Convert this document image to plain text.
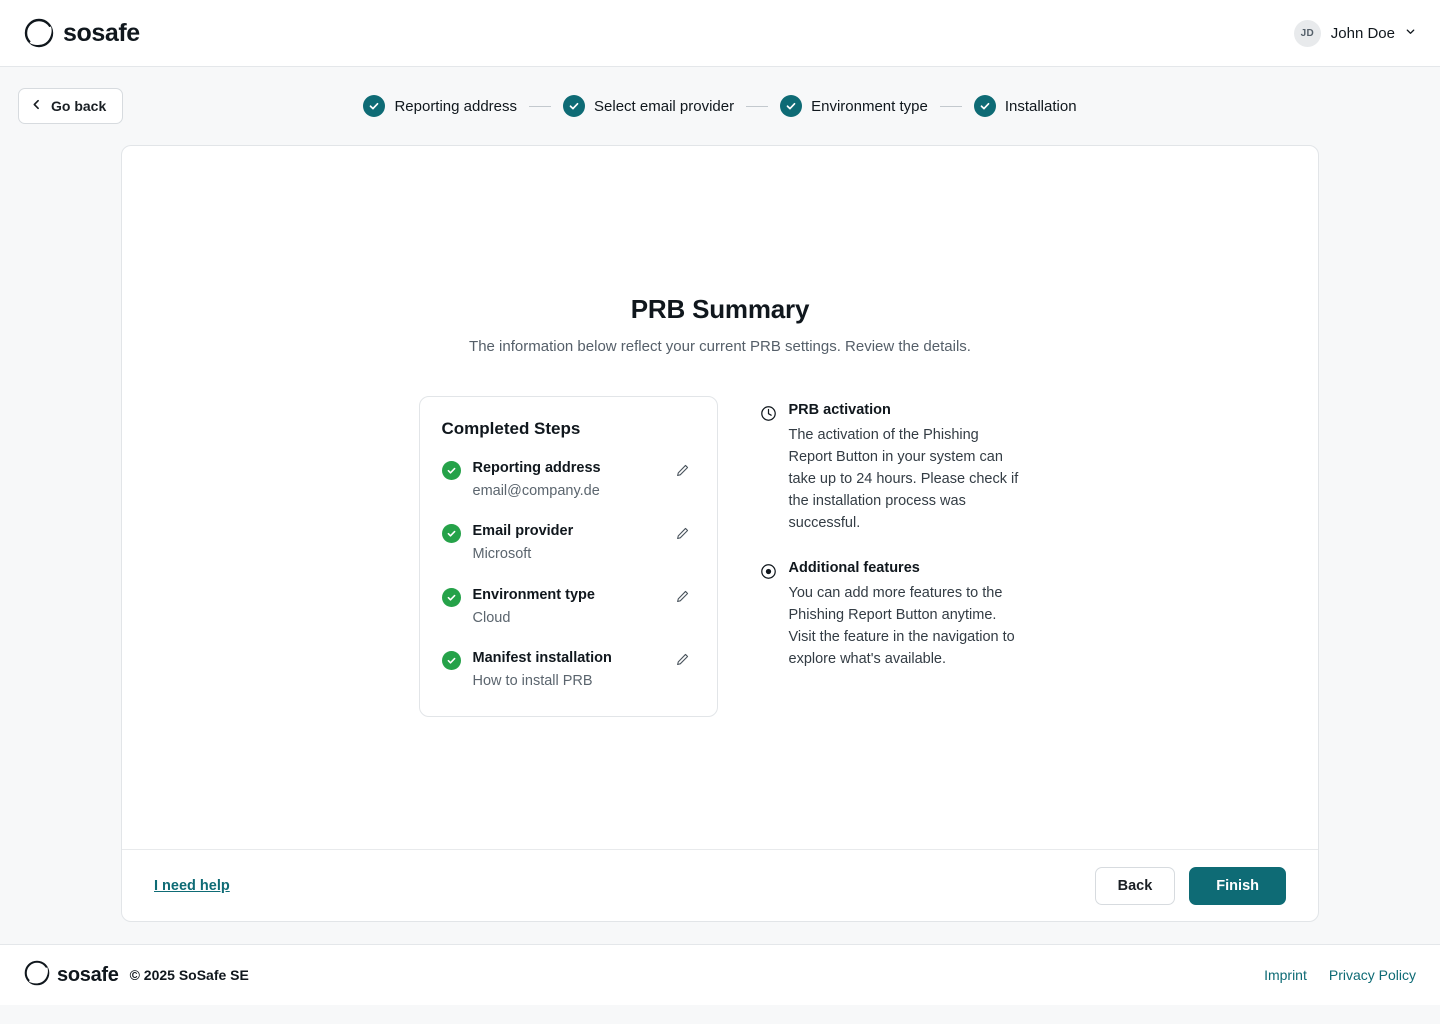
sosafe	JD	John Doe
Go back	Reporting address	Select email provider	Environment type	Installation
PRB Summary

The information below reflect your current PRB settings. Review the details.

Completed Steps
Reporting address
email@company.de
Email provider
Microsoft
Environment type
Cloud
Manifest installation
How to install PRB
PRB activation
The activation of the Phishing Report Button in your system can take up to 24 hours. Please check if the installation process was successful.
Additional features
You can add more features to the Phishing Report Button anytime. Visit the feature in the navigation to explore what's available.
I need help	Back	Finish
sosafe © 2025 SoSafe SE	Imprint Privacy Policy
